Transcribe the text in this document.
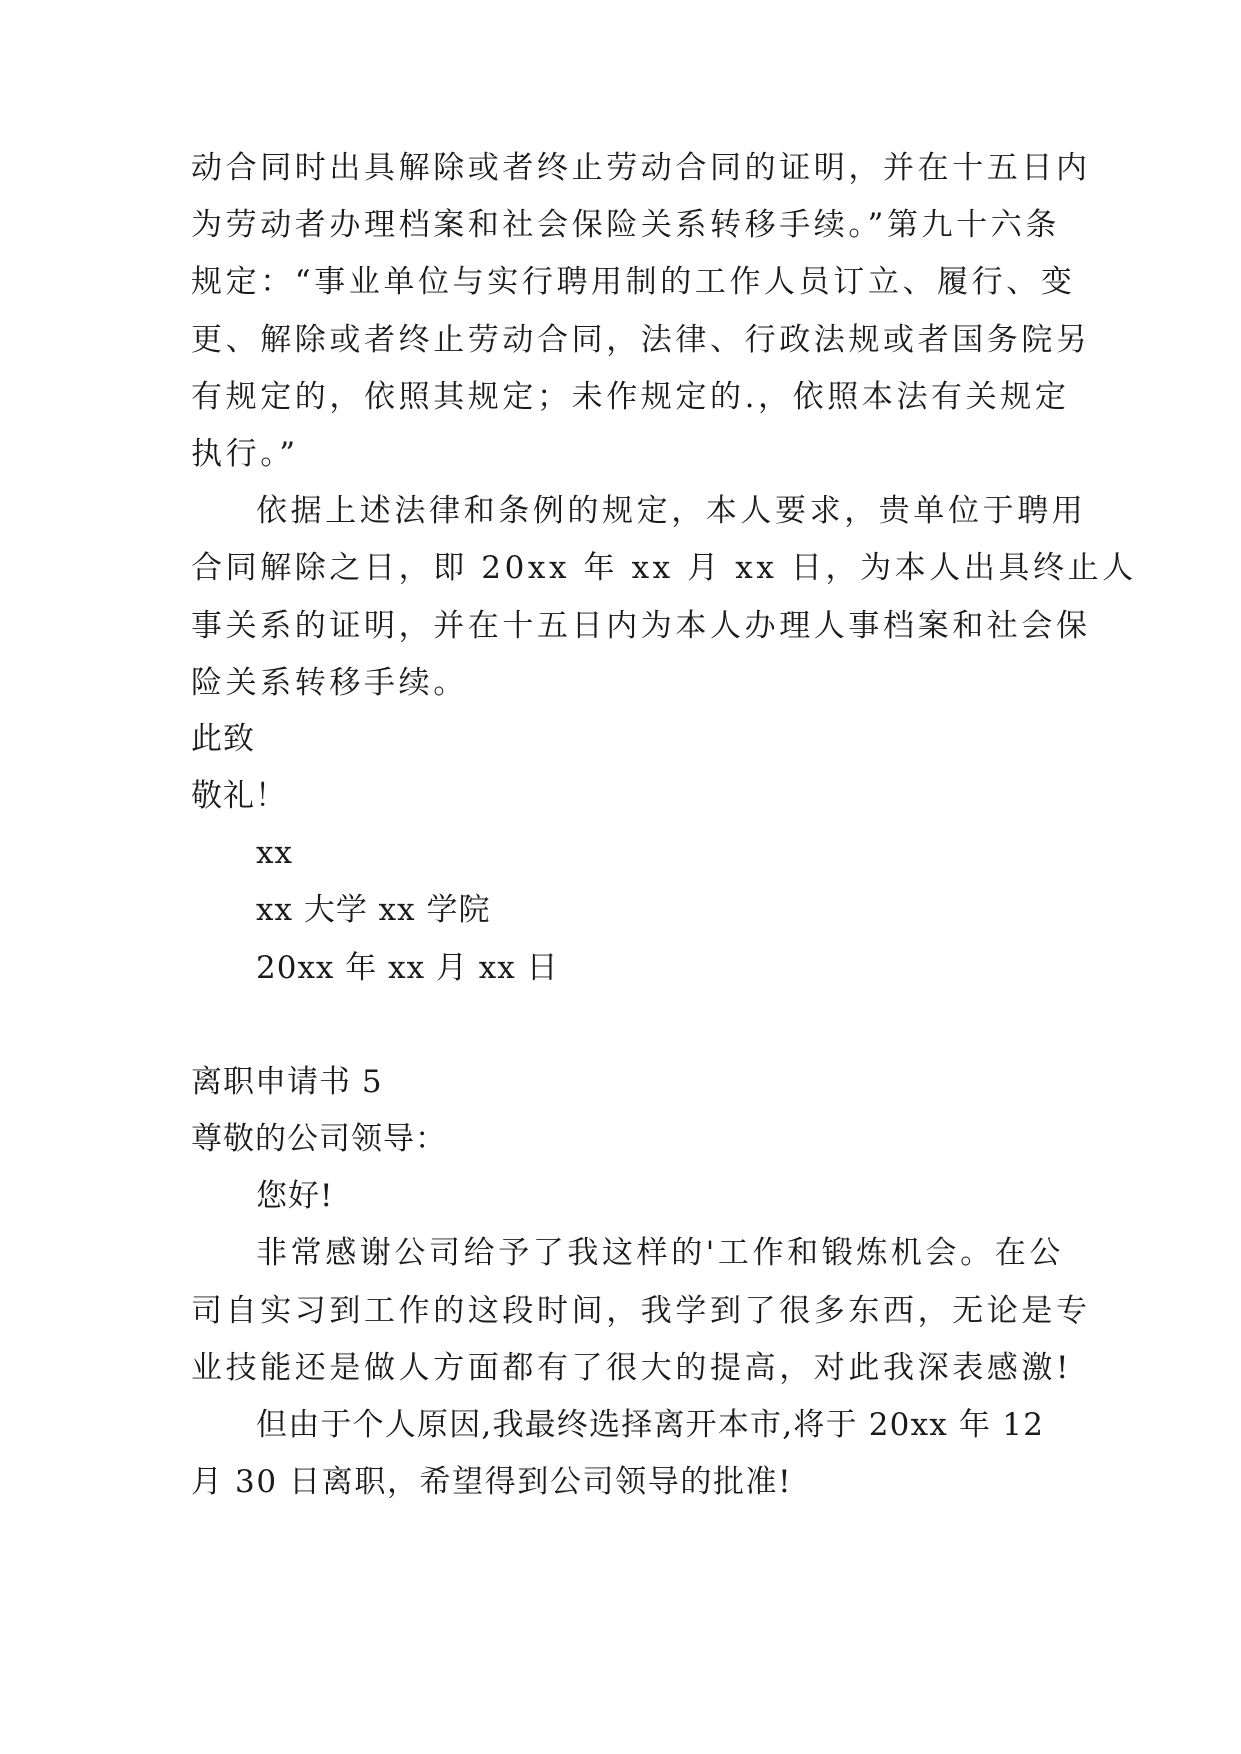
动合同时出具解除或者终止劳动合同的证明，并在十五日内
为劳动者办理档案和社会保险关系转移手续。”第九十六条
规定：“事业单位与实行聘用制的工作人员订立、履行、变
更、解除或者终止劳动合同，法律、行政法规或者国务院另
有规定的，依照其规定；未作规定的.，依照本法有关规定
执行。”
依据上述法律和条例的规定，本人要求，贵单位于聘用
合同解除之日，即 20xx 年 xx 月 xx 日，为本人出具终止人
事关系的证明，并在十五日内为本人办理人事档案和社会保
险关系转移手续。
此致
敬礼！
xx
xx 大学 xx 学院
20xx 年 xx 月 xx 日
离职申请书 5
尊敬的公司领导：
您好!
非常感谢公司给予了我这样的'工作和锻炼机会。在公
司自实习到工作的这段时间，我学到了很多东西，无论是专
业技能还是做人方面都有了很大的提高，对此我深表感激!
但由于个人原因,我最终选择离开本市,将于 20xx 年 12
月 30 日离职，希望得到公司领导的批准!
